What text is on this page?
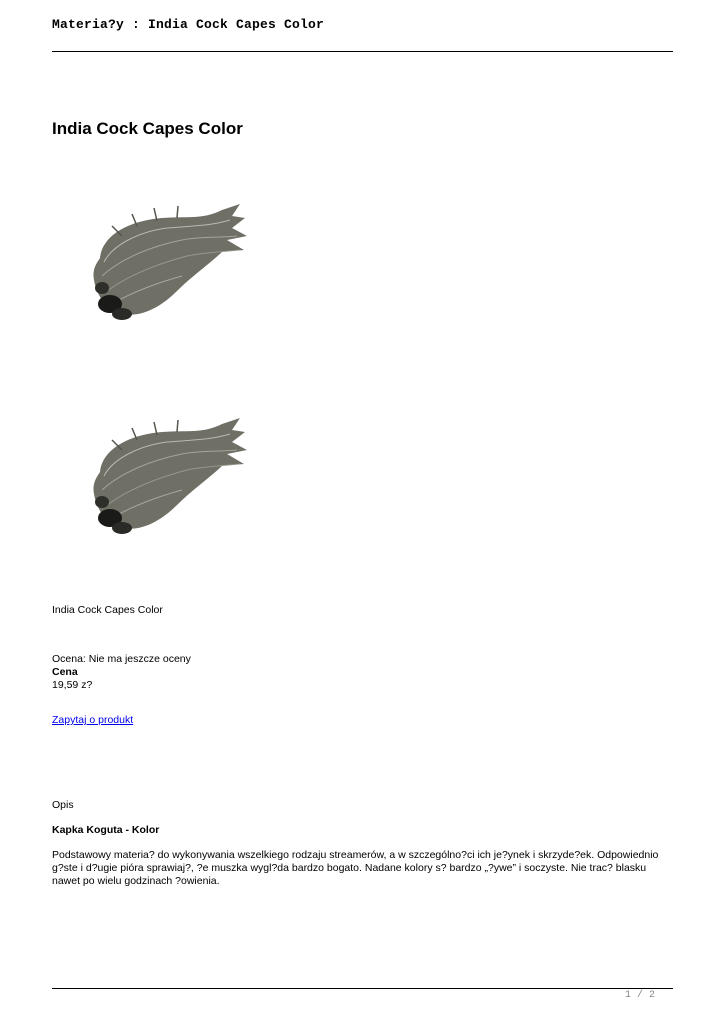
Materia?y : India Cock Capes Color
India Cock Capes Color
India Cock Capes Color
Ocena: Nie ma jeszcze oceny
Cena
19,59 z?
Zapytaj o produkt
Opis
Kapka Koguta - Kolor
Podstawowy materia? do wykonywania wszelkiego rodzaju streamerów, a w szczególno?ci ich je?ynek i skrzyde?ek. Odpowiednio g?ste i d?ugie pióra sprawiaj?, ?e muszka wygl?da bardzo bogato. Nadane kolory s? bardzo „?ywe” i soczyste. Nie trac? blasku nawet po wielu godzinach ?owienia.
1 / 2
